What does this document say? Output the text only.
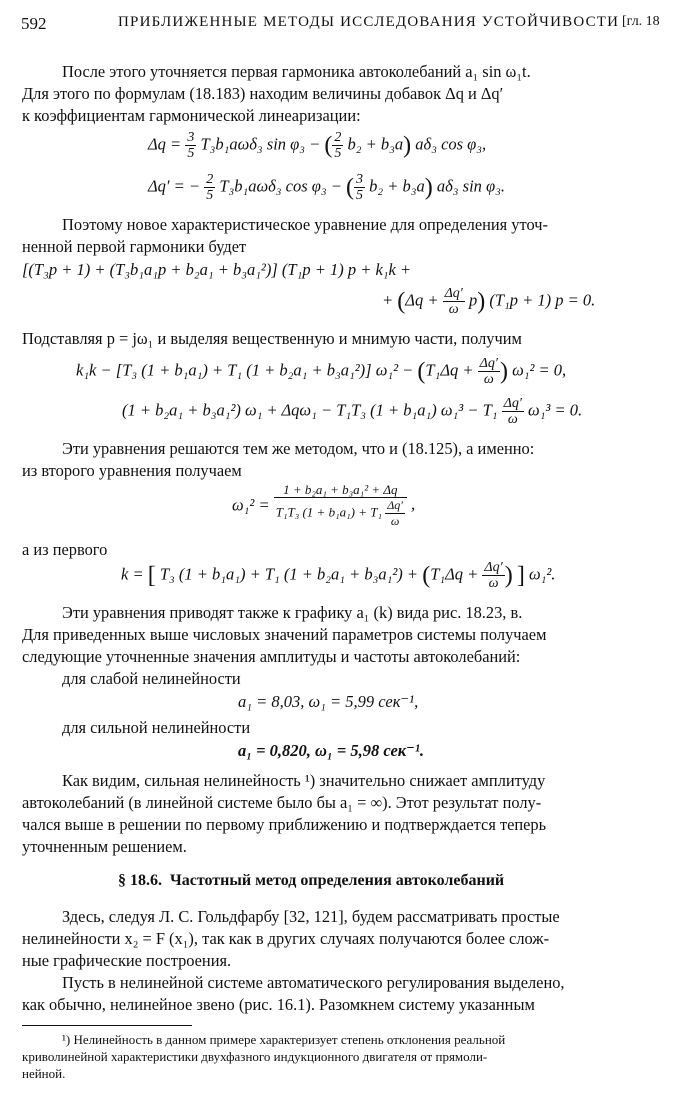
592	ПРИБЛИЖЕННЫЕ МЕТОДЫ ИССЛЕДОВАНИЯ УСТОЙЧИВОСТИ [гл. 18
После этого уточняется первая гармоника автоколебаний a₁ sin ω₁t.
Для этого по формулам (18.183) находим величины добавок Δq и Δq′
к коэффициентам гармонической линеаризации:
$\Delta q = \frac{3}{5} T_3b_1a\omega\delta_3$ sin φ₃ − ( $\frac{2}{5} b_2 + b_3a$) aδ₃ cos φ₃,
Δq′ = − $\frac{2}{5} T_3b_1a\omega\delta_3$ cos φ₃ − ( $\frac{3}{5} b_2 + b_3a$) aδ₃ sin φ₃.
Поэтому новое характеристическое уравнение для определения уточ-
ненной первой гармоники будет
[(T₃p + 1) + (T₃b₁a₁p + b₂a₁ + b₃a₁²)] (T₁p + 1) p + k₁k +
+ $(\Delta q + \frac{\Delta q'}{\omega} p)$ (T₁p + 1) p = 0.
Подставляя p = jω₁ и выделяя вещественную и мнимую части, получим
k₁k − [T₃ (1 + b₁a₁) + T₁ (1 + b₂a₁ + b₃a₁²)] $\omega_1^2 - (T_1\Delta q + \frac{\Delta q'}{\omega}$ ) ω₁² = 0,
(1 + b₂a₁ + b₃a₁²) ω₁ + Δqω₁ − T₁T₃ (1 + b₁a₁) $\omega_1^3 - T_1 \frac{\Delta q'}{\omega} \omega_1^3 = 0$.
Эти уравнения решаются тем же методом, что и (18.125), а именно:
из второго уравнения получаем
$\omega_1^2 = \frac{\text{1 + b₂a₁ + b₃a₁² + Δq}}{T_1T_3 (1 + b_1a_1) + T_1 \frac{\Delta q'}{\omega}}$ ,
а из первого
k = [ T₃ (1 + b₁a₁) + T₁ $(1 + b_2a_1 + b_3a_1^2) + (T_1\Delta q + \frac{\Delta q'}{\omega}$ ) ] ω₁².
Эти уравнения приводят также к графику a₁ (k) вида рис. 18.23, в.
Для приведенных выше числовых значений параметров системы получаем
следующие уточненные значения амплитуды и частоты автоколебаний:
для слабой нелинейности
a₁ = 8,03, ω₁ = 5,99 сек⁻¹,
для сильной нелинейности
a₁ = 0,820, ω₁ = 5,98 сек⁻¹.
Как видим, сильная нелинейность ¹) значительно снижает амплитуду
автоколебаний (в линейной системе было бы a₁ = ∞). Этот результат полу-
чался выше в решении по первому приближению и подтверждается теперь
уточненным решением.
§ 18.6. Частотный метод определения автоколебаний
Здесь, следуя Л. С. Гольдфарбу [32, 121], будем рассматривать простые
нелинейности x₂ = F (x₁), так как в других случаях получаются более слож-
ные графические построения.
Пусть в нелинейной системе автоматического регулирования выделено,
как обычно, нелинейное звено (рис. 16.1). Разомкнем систему указанным
¹) Нелинейность в данном примере характеризует степень отклонения реальной
криволинейной характеристики двухфазного индукционного двигателя от прямоли-
нейной.
